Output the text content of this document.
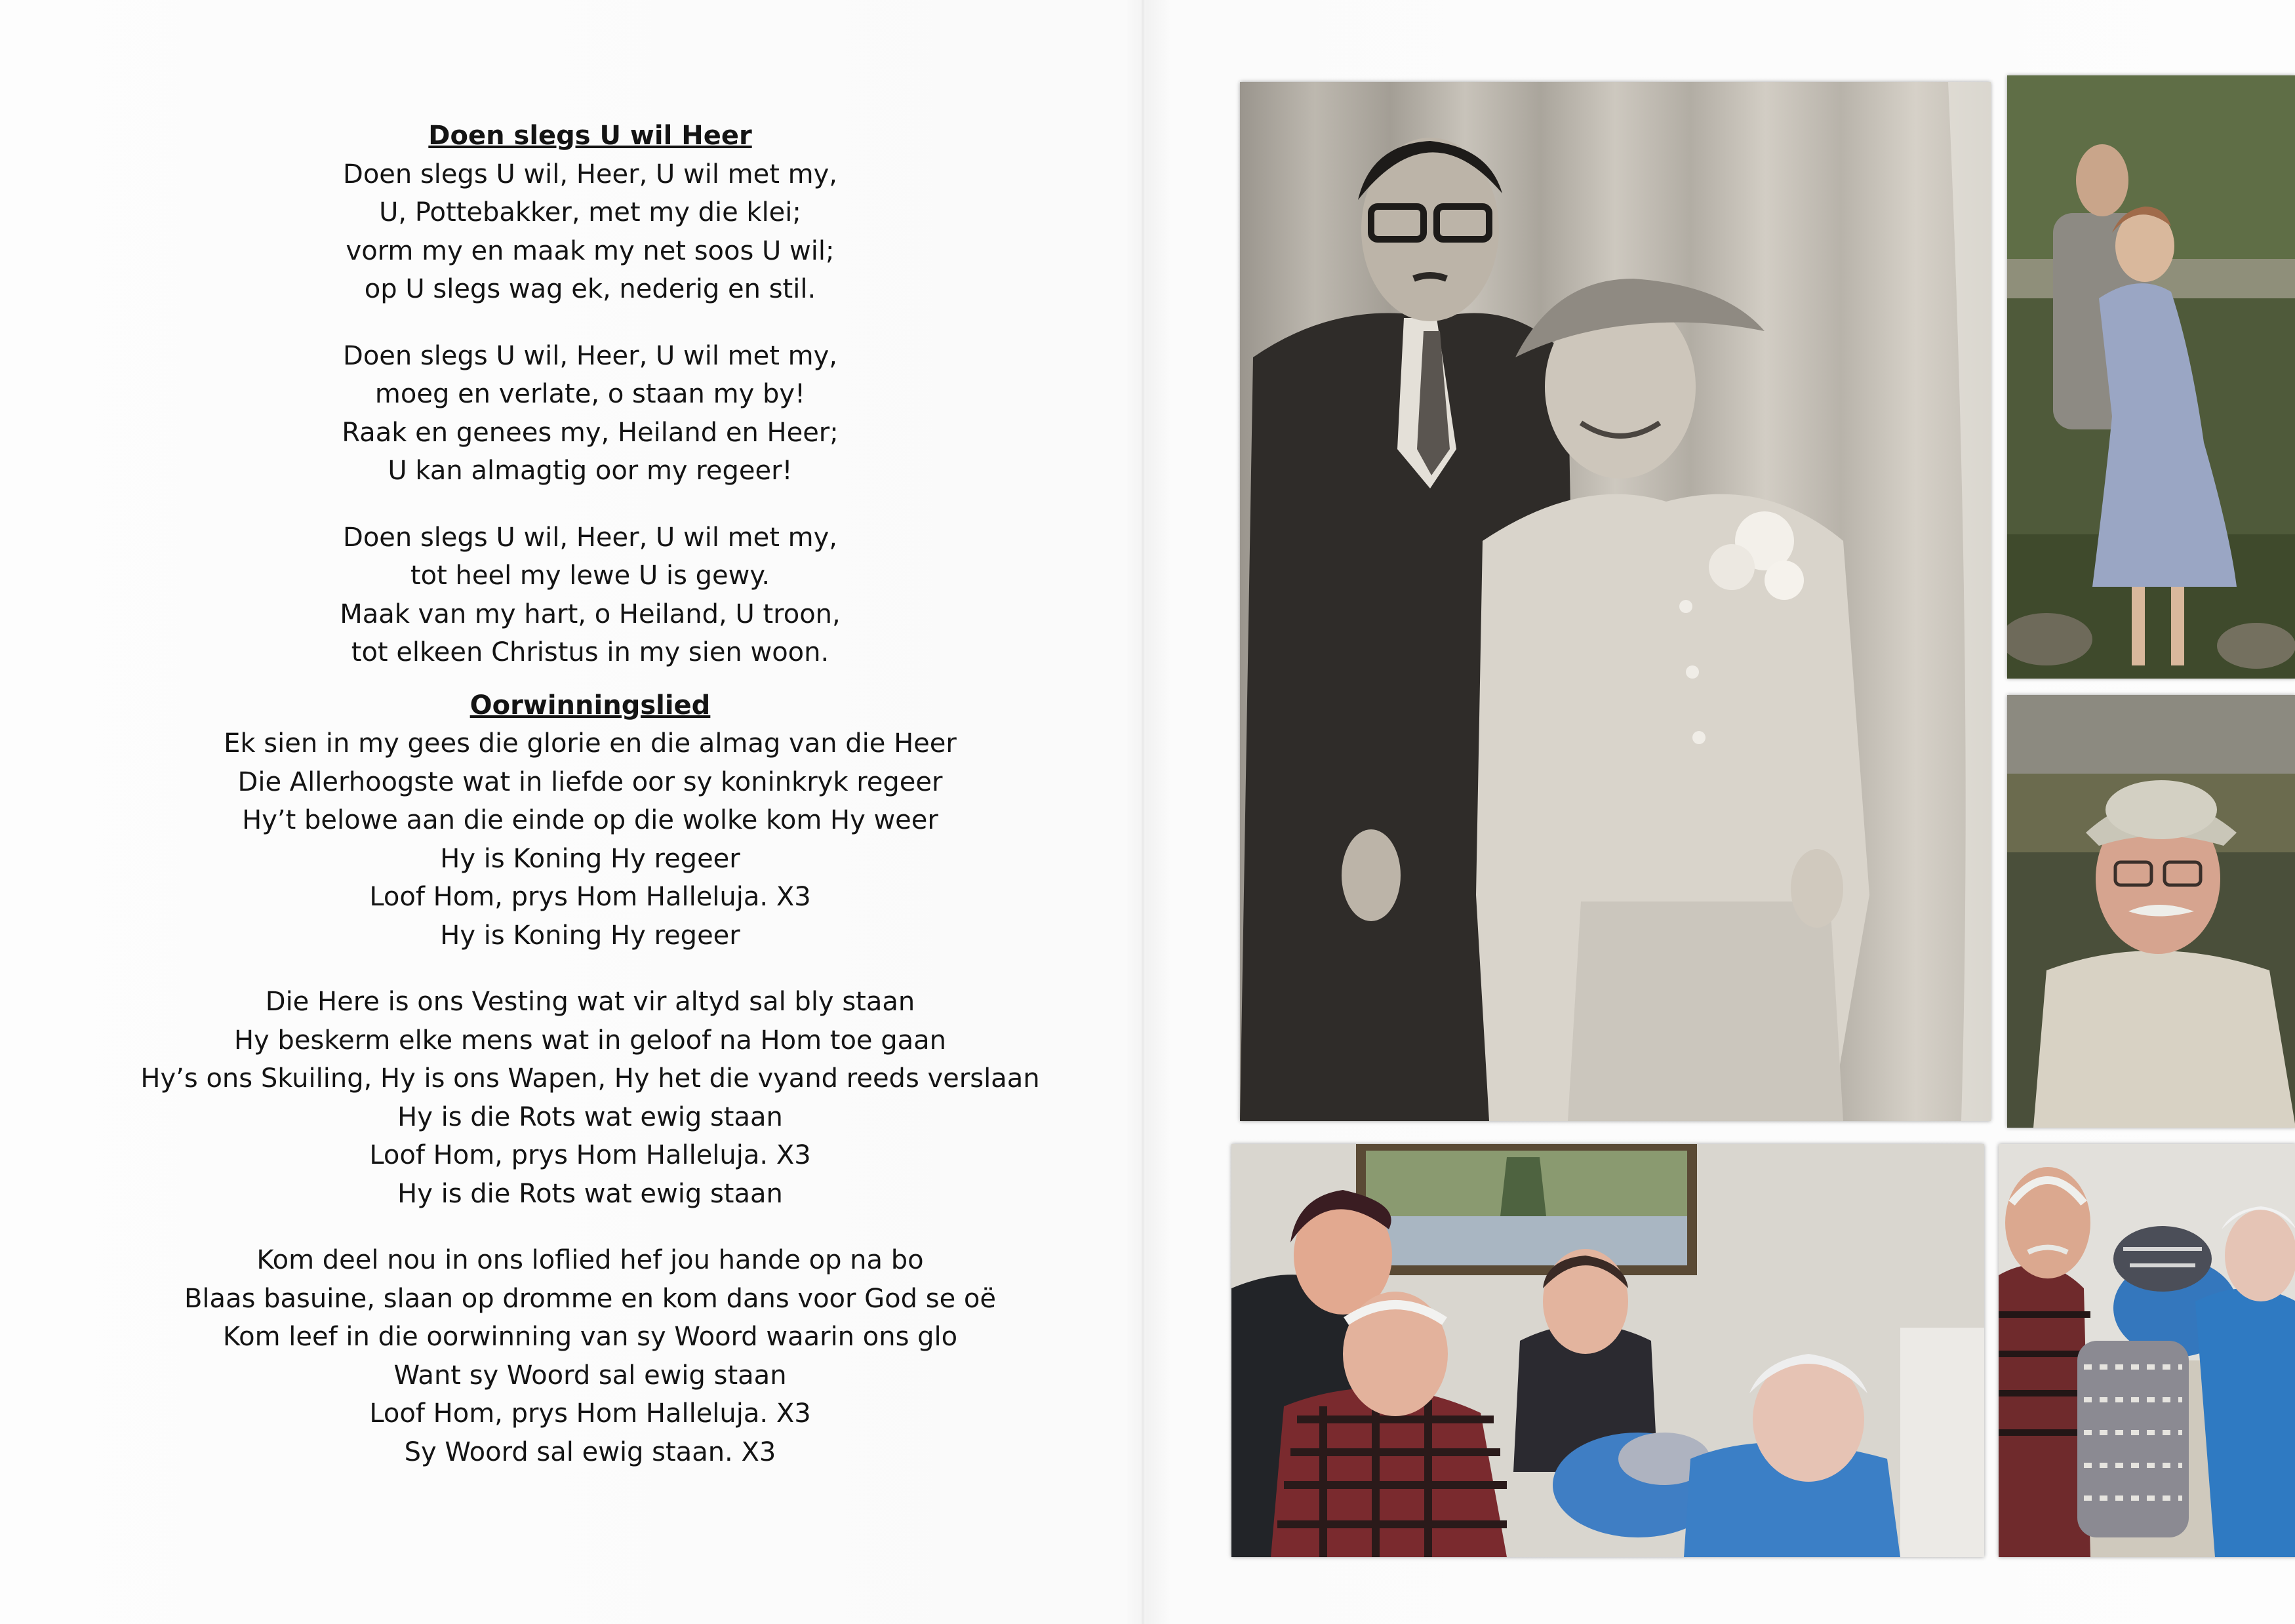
Doen slegs U wil Heer

Doen slegs U wil, Heer, U wil met my,
U, Pottebakker, met my die klei;
vorm my en maak my net soos U wil;
op U slegs wag ek, nederig en stil.
Doen slegs U wil, Heer, U wil met my,
moeg en verlate, o staan my by!
Raak en genees my, Heiland en Heer;
U kan almagtig oor my regeer!
Doen slegs U wil, Heer, U wil met my,
tot heel my lewe U is gewy.
Maak van my hart, o Heiland, U troon,
tot elkeen Christus in my sien woon.

Oorwinningslied

Ek sien in my gees die glorie en die almag van die Heer
Die Allerhoogste wat in liefde oor sy koninkryk regeer
Hy’t belowe aan die einde op die wolke kom Hy weer
Hy is Koning Hy regeer
Loof Hom, prys Hom Halleluja. X3
Hy is Koning Hy regeer
Die Here is ons Vesting wat vir altyd sal bly staan
Hy beskerm elke mens wat in geloof na Hom toe gaan
Hy’s ons Skuiling, Hy is ons Wapen, Hy het die vyand reeds verslaan
Hy is die Rots wat ewig staan
Loof Hom, prys Hom Halleluja. X3
Hy is die Rots wat ewig staan
Kom deel nou in ons loflied hef jou hande op na bo
Blaas basuine, slaan op dromme en kom dans voor God se oë
Kom leef in die oorwinning van sy Woord waarin ons glo
Want sy Woord sal ewig staan
Loof Hom, prys Hom Halleluja. X3
Sy Woord sal ewig staan. X3
